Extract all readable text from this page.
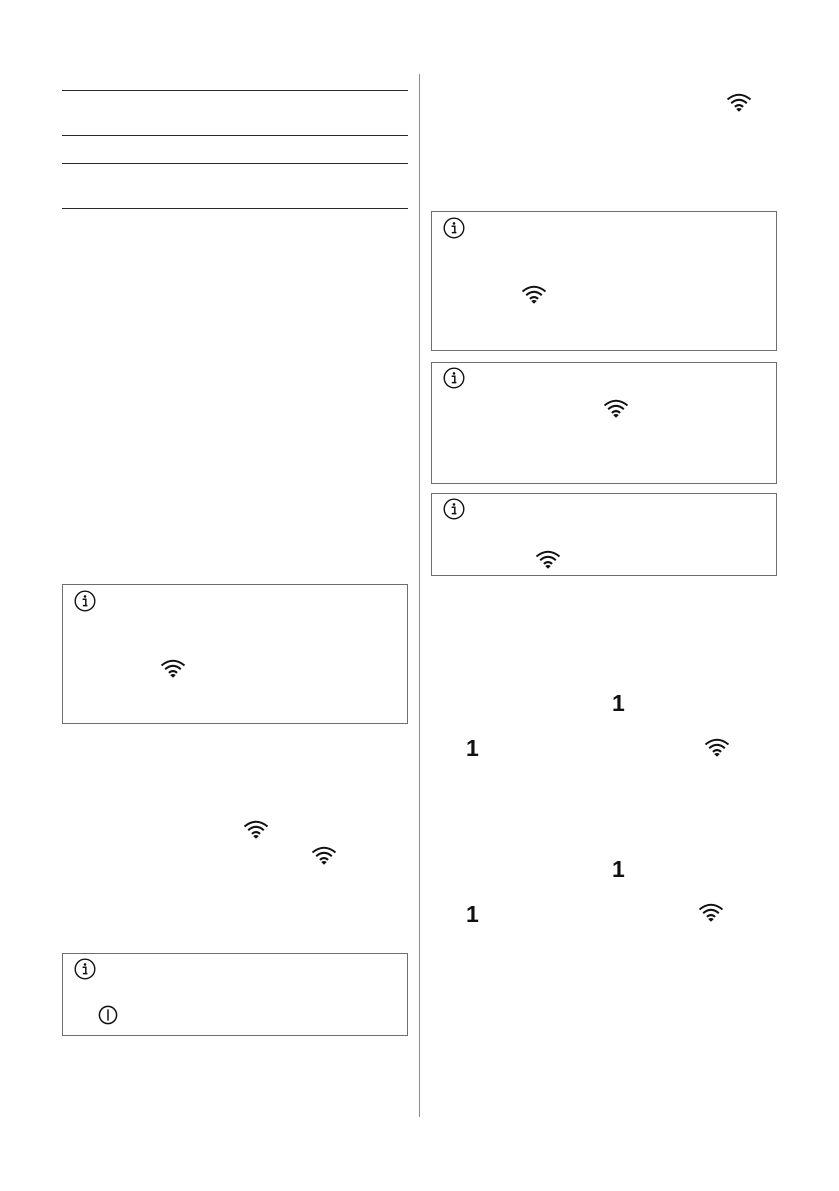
1
1
1
1
